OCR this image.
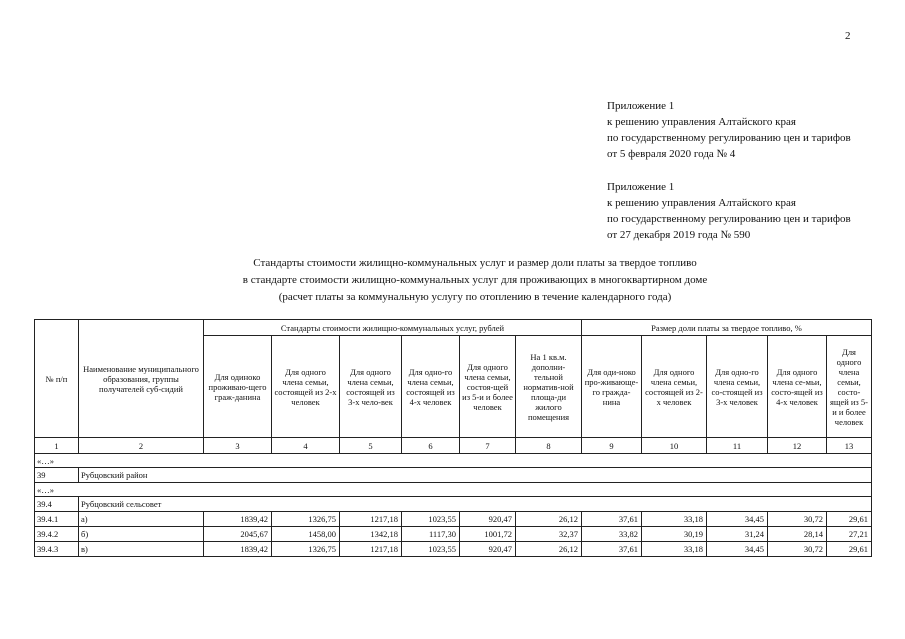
2
Приложение 1
к решению управления Алтайского края
по государственному регулированию цен и тарифов
от 5 февраля 2020 года № 4
Приложение 1
к решению управления Алтайского края
по государственному регулированию цен и тарифов
от 27 декабря 2019 года № 590
Стандарты стоимости жилищно-коммунальных услуг и размер доли платы за твердое топливо
в стандарте стоимости жилищно-коммунальных услуг для проживающих в многоквартирном доме
(расчет платы за коммунальную услугу по отоплению в течение календарного года)
№ п/п	Наименование муниципального образования, группы получателей суб-сидий	Стандарты стоимости жилищно-коммунальных услуг, рублей						Размер доли платы за твердое топливо, %				
		Для одиноко проживаю-щего граж-данина	Для одного члена семьи, состоящей из 2-х человек	Для одного члена семьи, состоящей из 3-х чело-век	Для одно-го члена семьи, состоящей из 4-х человек	Для одного члена семьи, состоя-щей из 5-и и более человек	На 1 кв.м. дополни-тельной норматив-ной площа-ди жилого помещения	Для оди-ноко про-живающе-го гражда-нина	Для одного члена семьи, состоящей из 2-х человек	Для одно-го члена семьи, со-стоящей из 3-х человек	Для одного члена се-мьи, состо-ящей из 4-х человек	Для одного члена семьи, состо-ящей из 5-и и более человек
1	2	3	4	5	6	7	8	9	10	11	12	13
«…»												
39	Рубцовский район											
«…»												
39.4	Рубцовский сельсовет											
39.4.1	а)	1839,42	1326,75	1217,18	1023,55	920,47	26,12	37,61	33,18	34,45	30,72	29,61
39.4.2	б)	2045,67	1458,00	1342,18	1117,30	1001,72	32,37	33,82	30,19	31,24	28,14	27,21
39.4.3	в)	1839,42	1326,75	1217,18	1023,55	920,47	26,12	37,61	33,18	34,45	30,72	29,61
